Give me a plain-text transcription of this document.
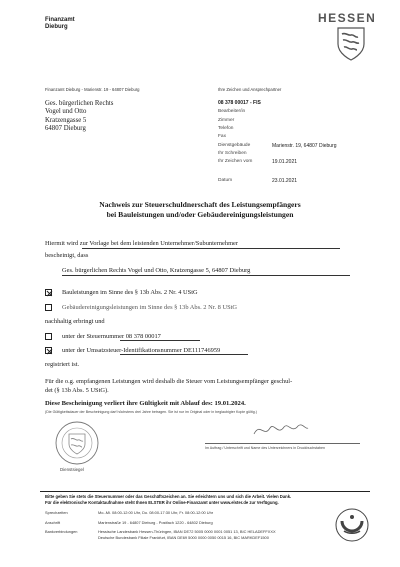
Finanzamt
Dieburg
HESSEN
Finanzamt Dieburg - Marienstr. 19 - 64807 Dieburg
Ges. bürgerlichen Rechts
Vogel und Otto
Kratzengasse 5
64807 Dieburg
Ihre Zeichen und Ansprechpartner
08 378 00017 - FIS
Bearbeiter/in
Zimmer
Telefon
Fax
Dienstgebäude	Marienstr. 19, 64807 Dieburg
Ihr Schreiben
Ihr Zeichen vom	19.01.2021
Datum	23.01.2021
Nachweis zur Steuerschuldnerschaft des Leistungsempfängers
bei Bauleistungen und/oder Gebäudereinigungsleistungen
Hiermit wird zur Vorlage bei dem leistenden Unternehmer/Subunternehmer
bescheinigt, dass
Ges. bürgerlichen Rechts Vogel und Otto, Kratzengasse 5, 64807 Dieburg
Bauleistungen im Sinne des § 13b Abs. 2 Nr. 4 UStG
Gebäudereinigungsleistungen im Sinne des § 13b Abs. 2 Nr. 8 UStG
nachhaltig erbringt und
unter der Steuernummer 08 378 00017
unter der Umsatzsteuer-Identifikationsnummer DE111746959
registriert ist.
Für die o.g. empfangenen Leistungen wird deshalb die Steuer vom Leistungsempfänger geschul-
det (§ 13b Abs. 5 UStG).
Diese Bescheinigung verliert ihre Gültigkeit mit Ablauf des: 19.01.2024.
(Die Gültigkeitsdauer der Bescheinigung darf höchstens drei Jahre betragen. Sie ist nur im Original oder in beglaubigter Kopie gültig.)
Dienstsiegel
Im Auftrag / Unterschrift und Name des Unterzeichners in Druckbuchstaben
Bitte geben Sie stets die Steuernummer oder das Geschäftszeichen an. Sie erleichtern uns und sich die Arbeit. Vielen Dank.
Für die elektronische Kontaktaufnahme steht Ihnen ELSTER ihr Online-Finanzamt unter www.elster.de zur Verfügung.
Sprechzeiten	Mo.-Mi. 08:00-12:00 Uhr, Do. 08:00-17:30 Uhr, Fr. 08:00-12:00 Uhr
Anschrift	Marienstraße 19 - 64807 Dieburg - Postfach 1220 - 64802 Dieburg
Bankverbindungen	Hessische Landesbank Hessen-Thüringen, IBAN DE72 5005 0000 0001 0051 13, BIC HELADEFFXXX
Deutsche Bundesbank Filiale Frankfurt, IBAN DE69 5000 0000 0050 0015 16, BIC MARKDEF1500
